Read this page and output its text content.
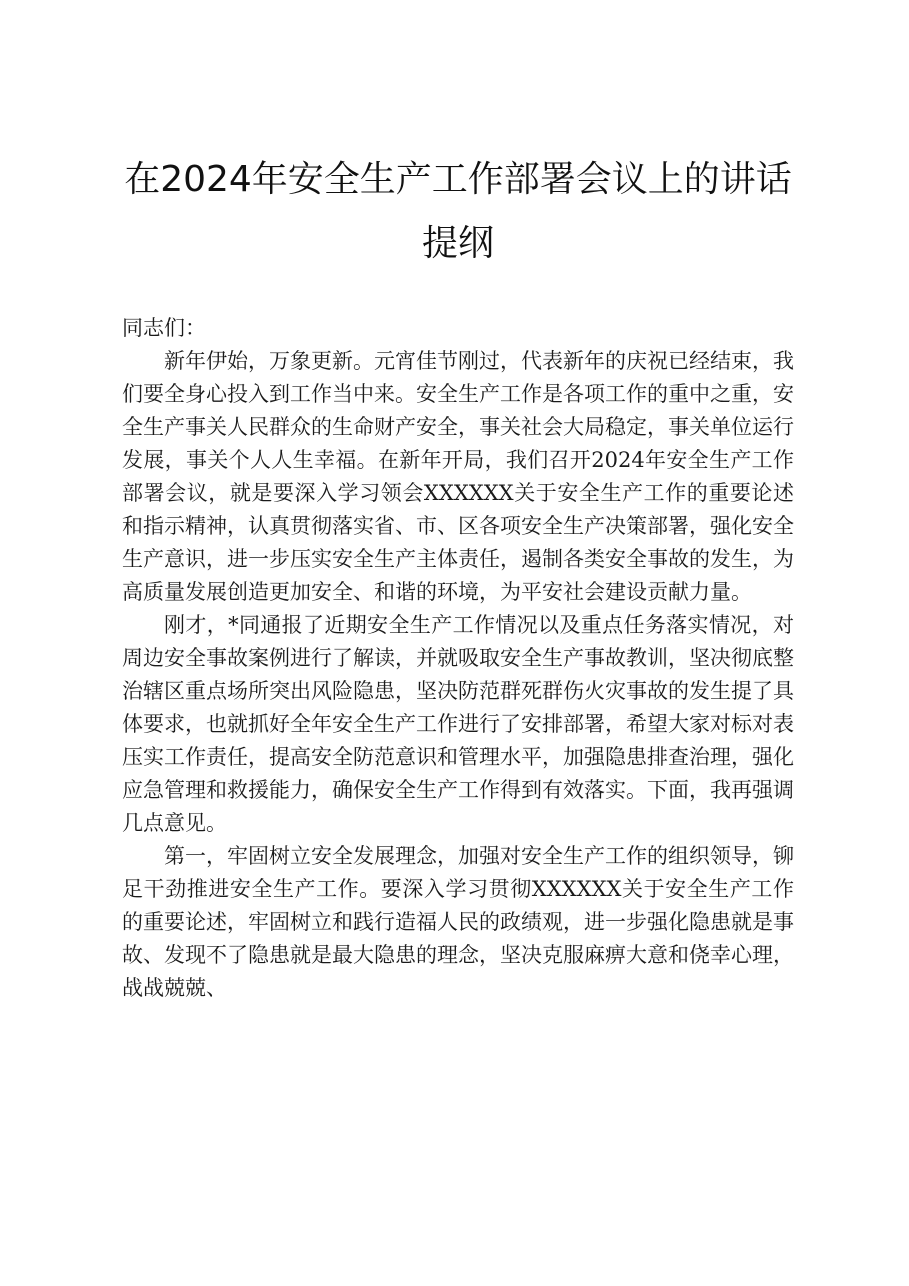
在2024年安全生产工作部署会议上的讲话提纲

同志们：

新年伊始，万象更新。元宵佳节刚过，代表新年的庆祝已经结束，我们要全身心投入到工作当中来。安全生产工作是各项工作的重中之重，安全生产事关人民群众的生命财产安全，事关社会大局稳定，事关单位运行发展，事关个人人生幸福。在新年开局，我们召开2024年安全生产工作部署会议，就是要深入学习领会XXXXXX关于安全生产工作的重要论述和指示精神，认真贯彻落实省、市、区各项安全生产决策部署，强化安全生产意识，进一步压实安全生产主体责任，遏制各类安全事故的发生，为高质量发展创造更加安全、和谐的环境，为平安社会建设贡献力量。

刚才，*同通报了近期安全生产工作情况以及重点任务落实情况，对周边安全事故案例进行了解读，并就吸取安全生产事故教训，坚决彻底整治辖区重点场所突出风险隐患，坚决防范群死群伤火灾事故的发生提了具体要求，也就抓好全年安全生产工作进行了安排部署，希望大家对标对表压实工作责任，提高安全防范意识和管理水平，加强隐患排查治理，强化应急管理和救援能力，确保安全生产工作得到有效落实。下面，我再强调几点意见。

第一，牢固树立安全发展理念，加强对安全生产工作的组织领导，铆足干劲推进安全生产工作。要深入学习贯彻XXXXXX关于安全生产工作的重要论述，牢固树立和践行造福人民的政绩观，进一步强化隐患就是事故、发现不了隐患就是最大隐患的理念，坚决克服麻痹大意和侥幸心理，战战兢兢、
